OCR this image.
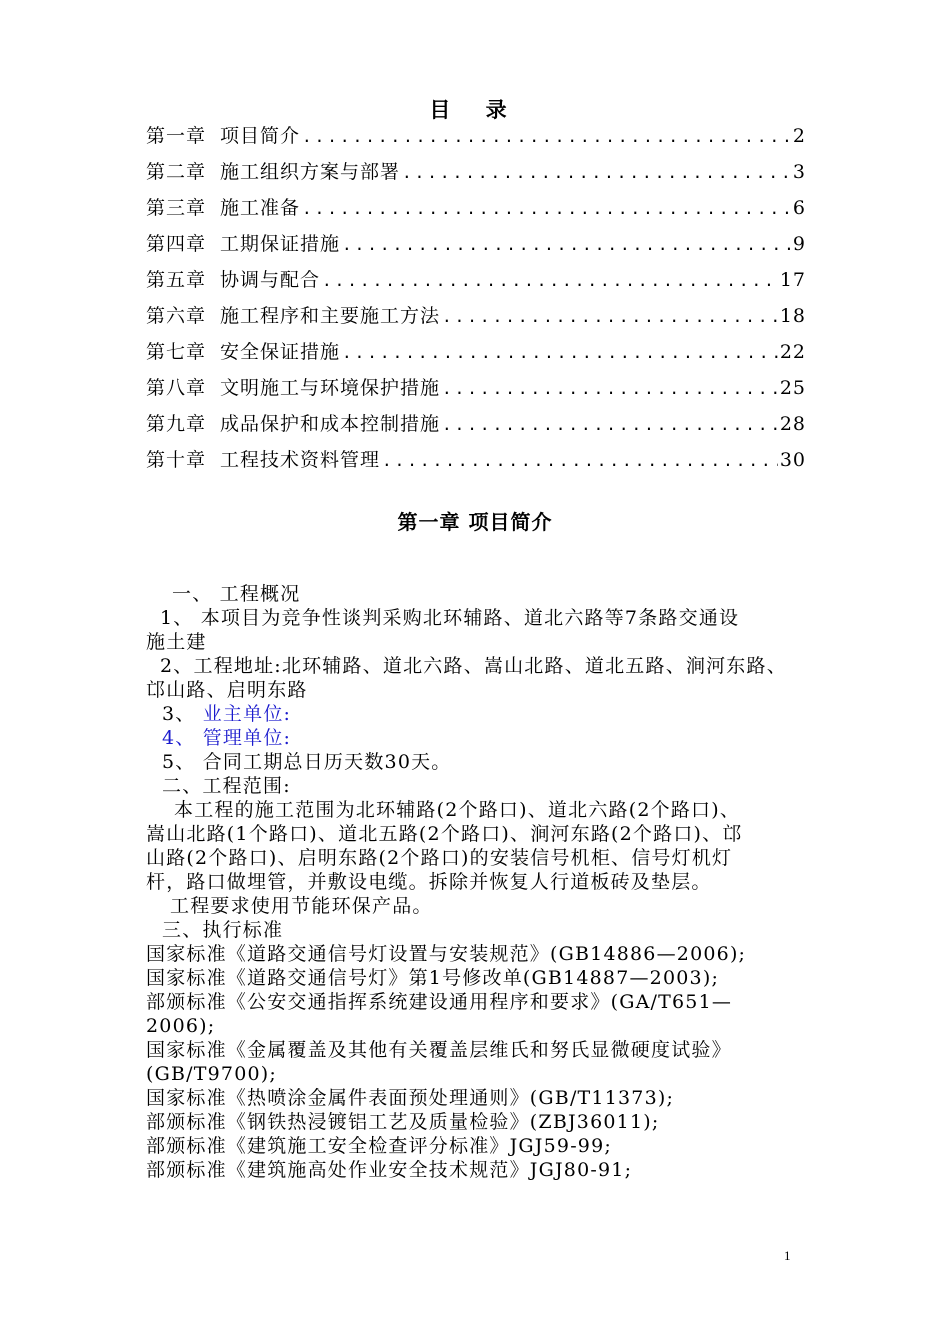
目 录
第一章 项目简介 .....	2
第二章 施工组织方案与部署 .....	3
第三章 施工准备 .....	6
第四章 工期保证措施 .....	9
第五章 协调与配合 .....	17
第六章 施工程序和主要施工方法 .....	18
第七章 安全保证措施 .....	22
第八章 文明施工与环境保护措施 .....	25
第九章 成品保护和成本控制措施 .....	28
第十章 工程技术资料管理 .....	30
第一章 项目简介
一、 工程概况
1、 本项目为竞争性谈判采购北环辅路、道北六路等7条路交通设
施土建
2、工程地址:北环辅路、道北六路、嵩山北路、道北五路、涧河东路、
邙山路、启明东路
3、 业主单位:
4、 管理单位:
5、 合同工期总日历天数30天。
二、工程范围:
本工程的施工范围为北环辅路(2个路口)、道北六路(2个路口)、
嵩山北路(1个路口)、道北五路(2个路口)、涧河东路(2个路口)、邙
山路(2个路口)、启明东路(2个路口)的安装信号机柜、信号灯机灯
杆，路口做埋管，并敷设电缆。拆除并恢复人行道板砖及垫层。
工程要求使用节能环保产品。
三、执行标准
国家标准《道路交通信号灯设置与安装规范》(GB14886—2006);
国家标准《道路交通信号灯》第1号修改单(GB14887—2003);
部颁标准《公安交通指挥系统建设通用程序和要求》(GA/T651—
2006);
国家标准《金属覆盖及其他有关覆盖层维氏和努氏显微硬度试验》
(GB/T9700);
国家标准《热喷涂金属件表面预处理通则》(GB/T11373);
部颁标准《钢铁热浸镀铝工艺及质量检验》(ZBJ36011);
部颁标准《建筑施工安全检查评分标准》JGJ59-99;
部颁标准《建筑施高处作业安全技术规范》JGJ80-91;
1
